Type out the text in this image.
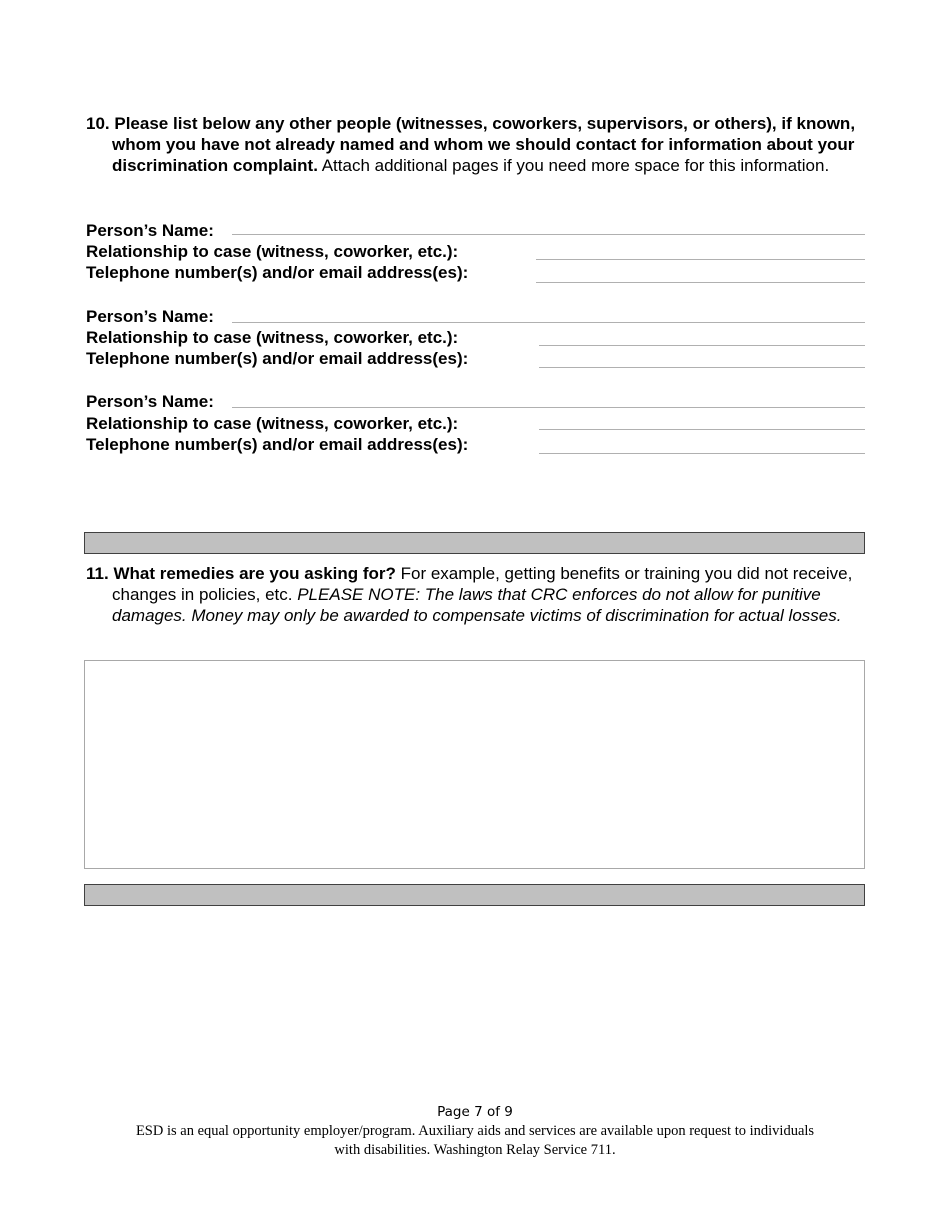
10. Please list below any other people (witnesses, coworkers, supervisors, or others), if known, whom you have not already named and whom we should contact for information about your discrimination complaint. Attach additional pages if you need more space for this information.
Person’s Name:
Relationship to case (witness, coworker, etc.):
Telephone number(s) and/or email address(es):
Person’s Name:
Relationship to case (witness, coworker, etc.):
Telephone number(s) and/or email address(es):
Person’s Name:
Relationship to case (witness, coworker, etc.):
Telephone number(s) and/or email address(es):
11. What remedies are you asking for? For example, getting benefits or training you did not receive, changes in policies, etc. PLEASE NOTE: The laws that CRC enforces do not allow for punitive damages. Money may only be awarded to compensate victims of discrimination for actual losses.
Page 7 of 9
ESD is an equal opportunity employer/program. Auxiliary aids and services are available upon request to individuals
with disabilities. Washington Relay Service 711.
